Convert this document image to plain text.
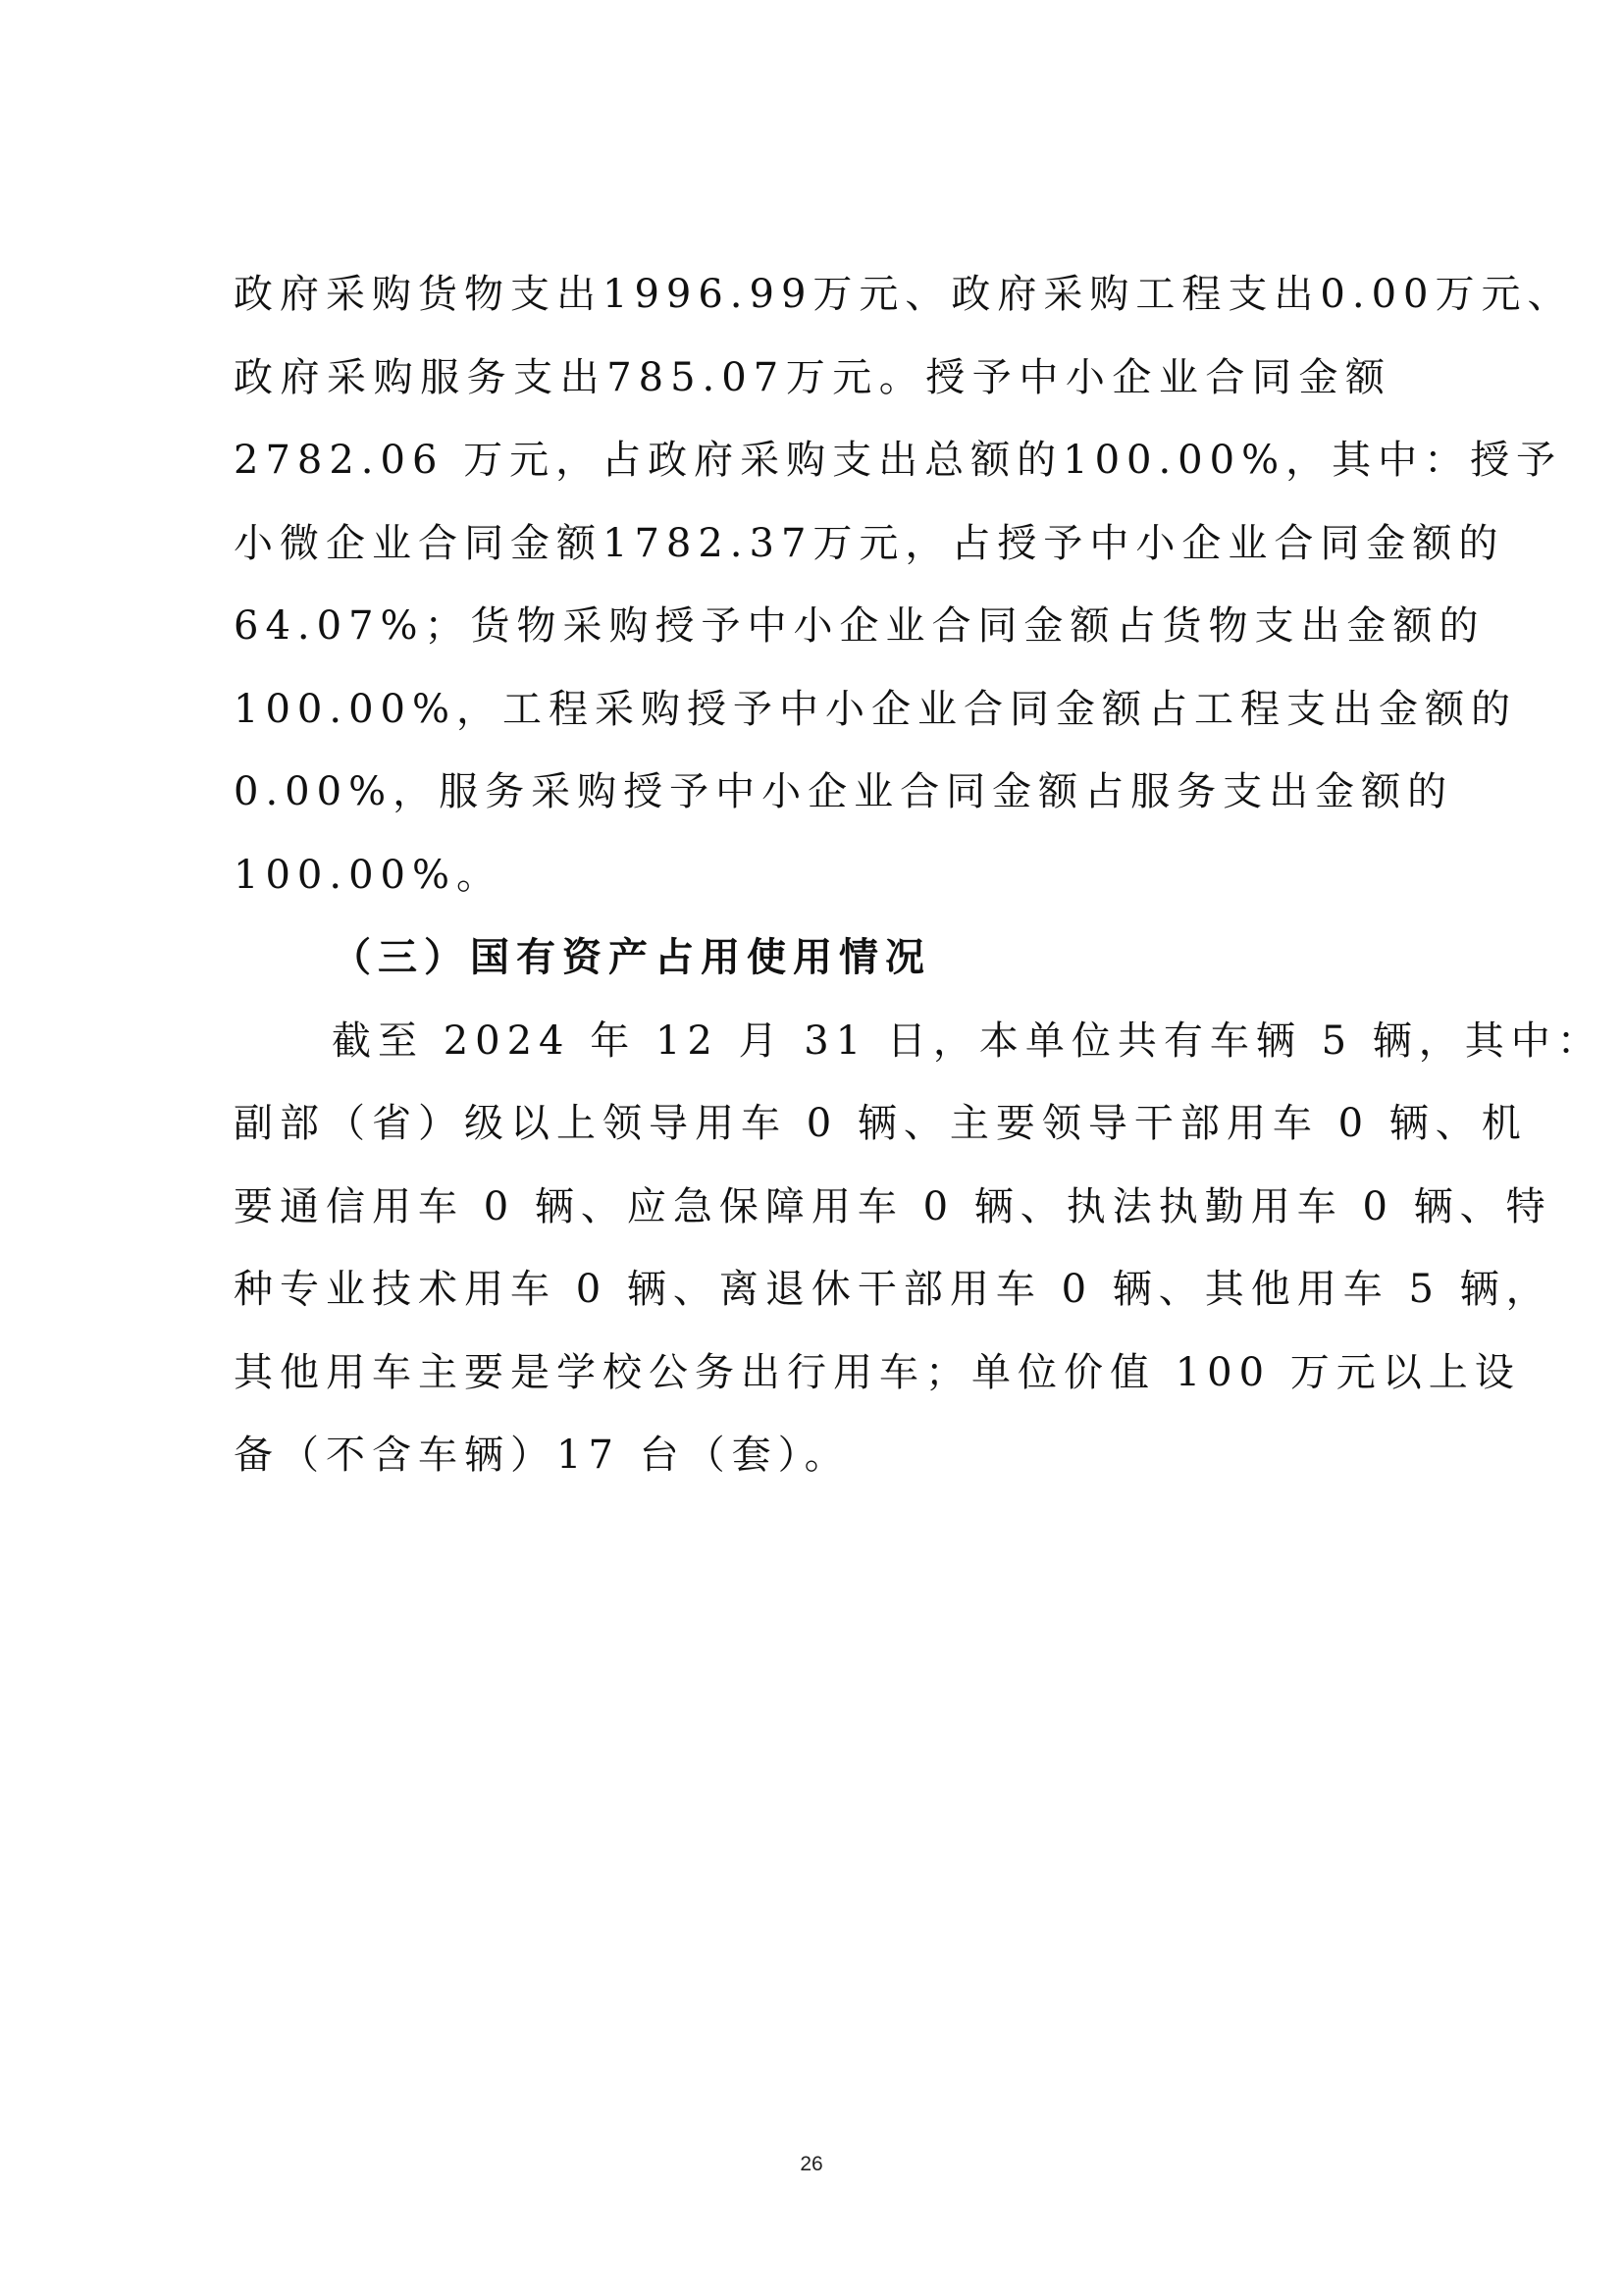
政府采购货物支出1996.99万元、政府采购工程支出0.00万元、
政府采购服务支出785.07万元。授予中小企业合同金额
2782.06 万元，占政府采购支出总额的100.00%，其中：授予
小微企业合同金额1782.37万元，占授予中小企业合同金额的
64.07%；货物采购授予中小企业合同金额占货物支出金额的
100.00%，工程采购授予中小企业合同金额占工程支出金额的
0.00%，服务采购授予中小企业合同金额占服务支出金额的
100.00%。
（三）国有资产占用使用情况
截至 2024 年 12 月 31 日，本单位共有车辆 5 辆，其中：
副部（省）级以上领导用车 0 辆、主要领导干部用车 0 辆、机
要通信用车 0 辆、应急保障用车 0 辆、执法执勤用车 0 辆、特
种专业技术用车 0 辆、离退休干部用车 0 辆、其他用车 5 辆，
其他用车主要是学校公务出行用车；单位价值 100 万元以上设
备（不含车辆）17 台（套）。
26
